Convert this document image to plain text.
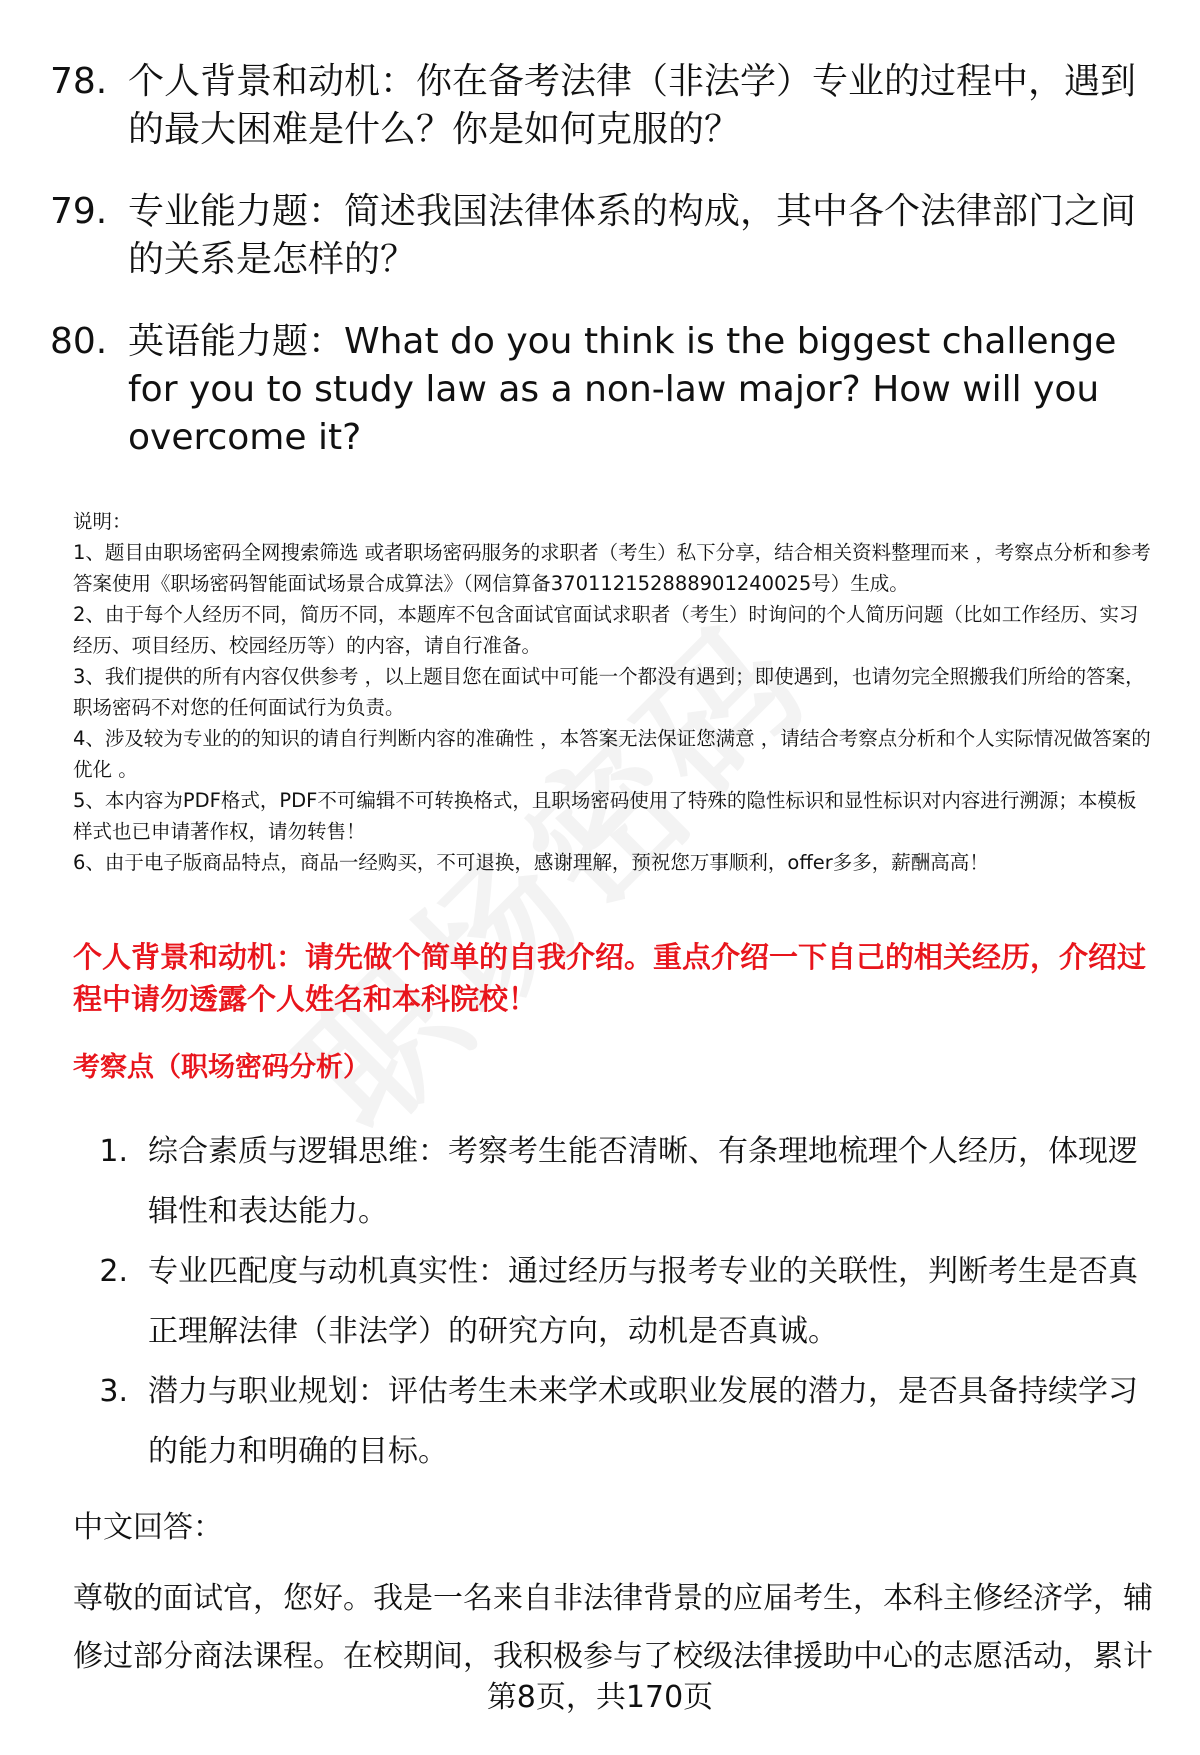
78. 个人背景和动机：你在备考法律（非法学）专业的过程中，遇到的最大困难是什么？你是如何克服的？
79. 专业能力题：简述我国法律体系的构成，其中各个法律部门之间的关系是怎样的？
80. 英语能力题：What do you think is the biggest challenge for you to study law as a non-law major? How will you overcome it?

说明：

1、题目由职场密码全网搜索筛选 或者职场密码服务的求职者（考生）私下分享，结合相关资料整理而来 ，考察点分析和参考答案使用《职场密码智能面试场景合成算法》（网信算备370112152888901240025号）生成。

2、由于每个人经历不同，简历不同，本题库不包含面试官面试求职者（考生）时询问的个人简历问题（比如工作经历、实习经历、项目经历、校园经历等）的内容，请自行准备。

3、我们提供的所有内容仅供参考 ，以上题目您在面试中可能一个都没有遇到；即使遇到，也请勿完全照搬我们所给的答案，职场密码不对您的任何面试行为负责。

4、涉及较为专业的的知识的请自行判断内容的准确性 ，本答案无法保证您满意 ，请结合考察点分析和个人实际情况做答案的优化 。

5、本内容为PDF格式，PDF不可编辑不可转换格式，且职场密码使用了特殊的隐性标识和显性标识对内容进行溯源；本模板样式也已申请著作权，请勿转售！

6、由于电子版商品特点，商品一经购买，不可退换，感谢理解，预祝您万事顺利，offer多多，薪酬高高！

个人背景和动机：请先做个简单的自我介绍。重点介绍一下自己的相关经历，介绍过程中请勿透露个人姓名和本科院校！

考察点（职场密码分析）

1. 综合素质与逻辑思维：考察考生能否清晰、有条理地梳理个人经历，体现逻辑性和表达能力。
2. 专业匹配度与动机真实性：通过经历与报考专业的关联性，判断考生是否真正理解法律（非法学）的研究方向，动机是否真诚。
3. 潜力与职业规划：评估考生未来学术或职业发展的潜力，是否具备持续学习的能力和明确的目标。

中文回答：

尊敬的面试官，您好。我是一名来自非法律背景的应届考生，本科主修经济学，辅修过部分商法课程。在校期间，我积极参与了校级法律援助中心的志愿活动，累计

第8页，共170页
